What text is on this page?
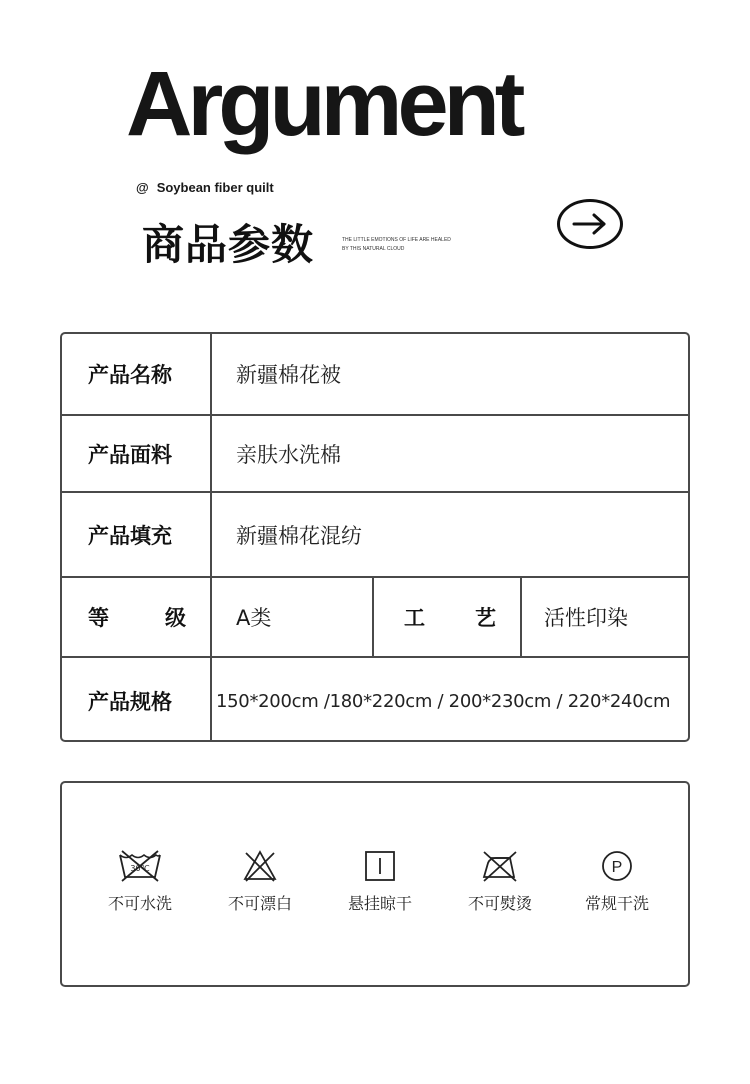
Argument
@ Soybean fiber quilt
商品参数	THE LITTLE EMOTIONS OF LIFE ARE HEALED
BY THIS NATURAL CLOUD
产品名称	新疆棉花被
产品面料	亲肤水洗棉
产品填充	新疆棉花混纺
等	级	A类	工 艺	活性印染
产品规格	150*200cm /180*220cm / 200*230cm / 220*240cm
30℃
不可水洗	不可漂白	悬挂晾干	不可熨烫
P
常规干洗
